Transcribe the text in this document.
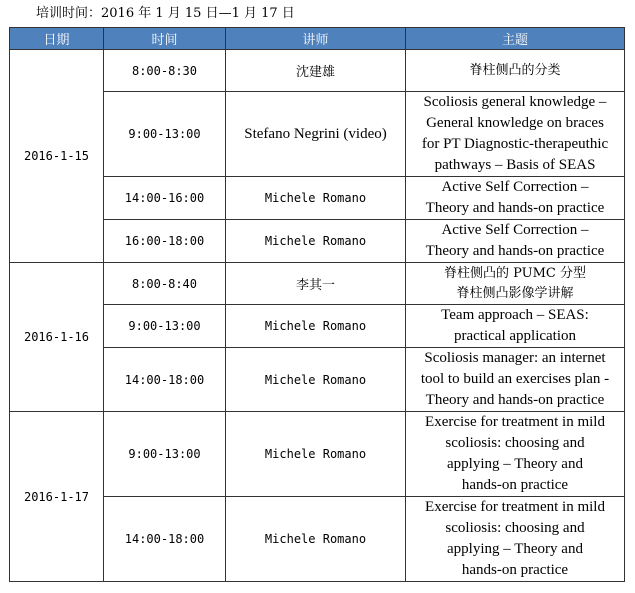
培训时间：2016 年 1 月 15 日—1 月 17 日
日期	时间	讲师	主题
2016-1-15	8:00-8:30	沈建雄	脊柱侧凸的分类

	9:00-13:00	Stefano Negrini (video)	Scoliosis general knowledge –
General knowledge on braces
for PT Diagnostic-therapeuthic
pathways – Basis of SEAS

	14:00-16:00	Michele Romano	Active Self Correction –
Theory and hands-on practice

	16:00-18:00	Michele Romano	Active Self Correction –
Theory and hands-on practice

2016-1-16	8:00-8:40	李其一	脊柱侧凸的 PUMC 分型
脊柱侧凸影像学讲解

	9:00-13:00	Michele Romano	Team approach – SEAS:
practical application

	14:00-18:00	Michele Romano	Scoliosis manager: an internet
tool to build an exercises plan -
Theory and hands-on practice

2016-1-17	9:00-13:00	Michele Romano	Exercise for treatment in mild
scoliosis: choosing and
applying – Theory and
hands-on practice

	14:00-18:00	Michele Romano	Exercise for treatment in mild
scoliosis: choosing and
applying – Theory and
hands-on practice
